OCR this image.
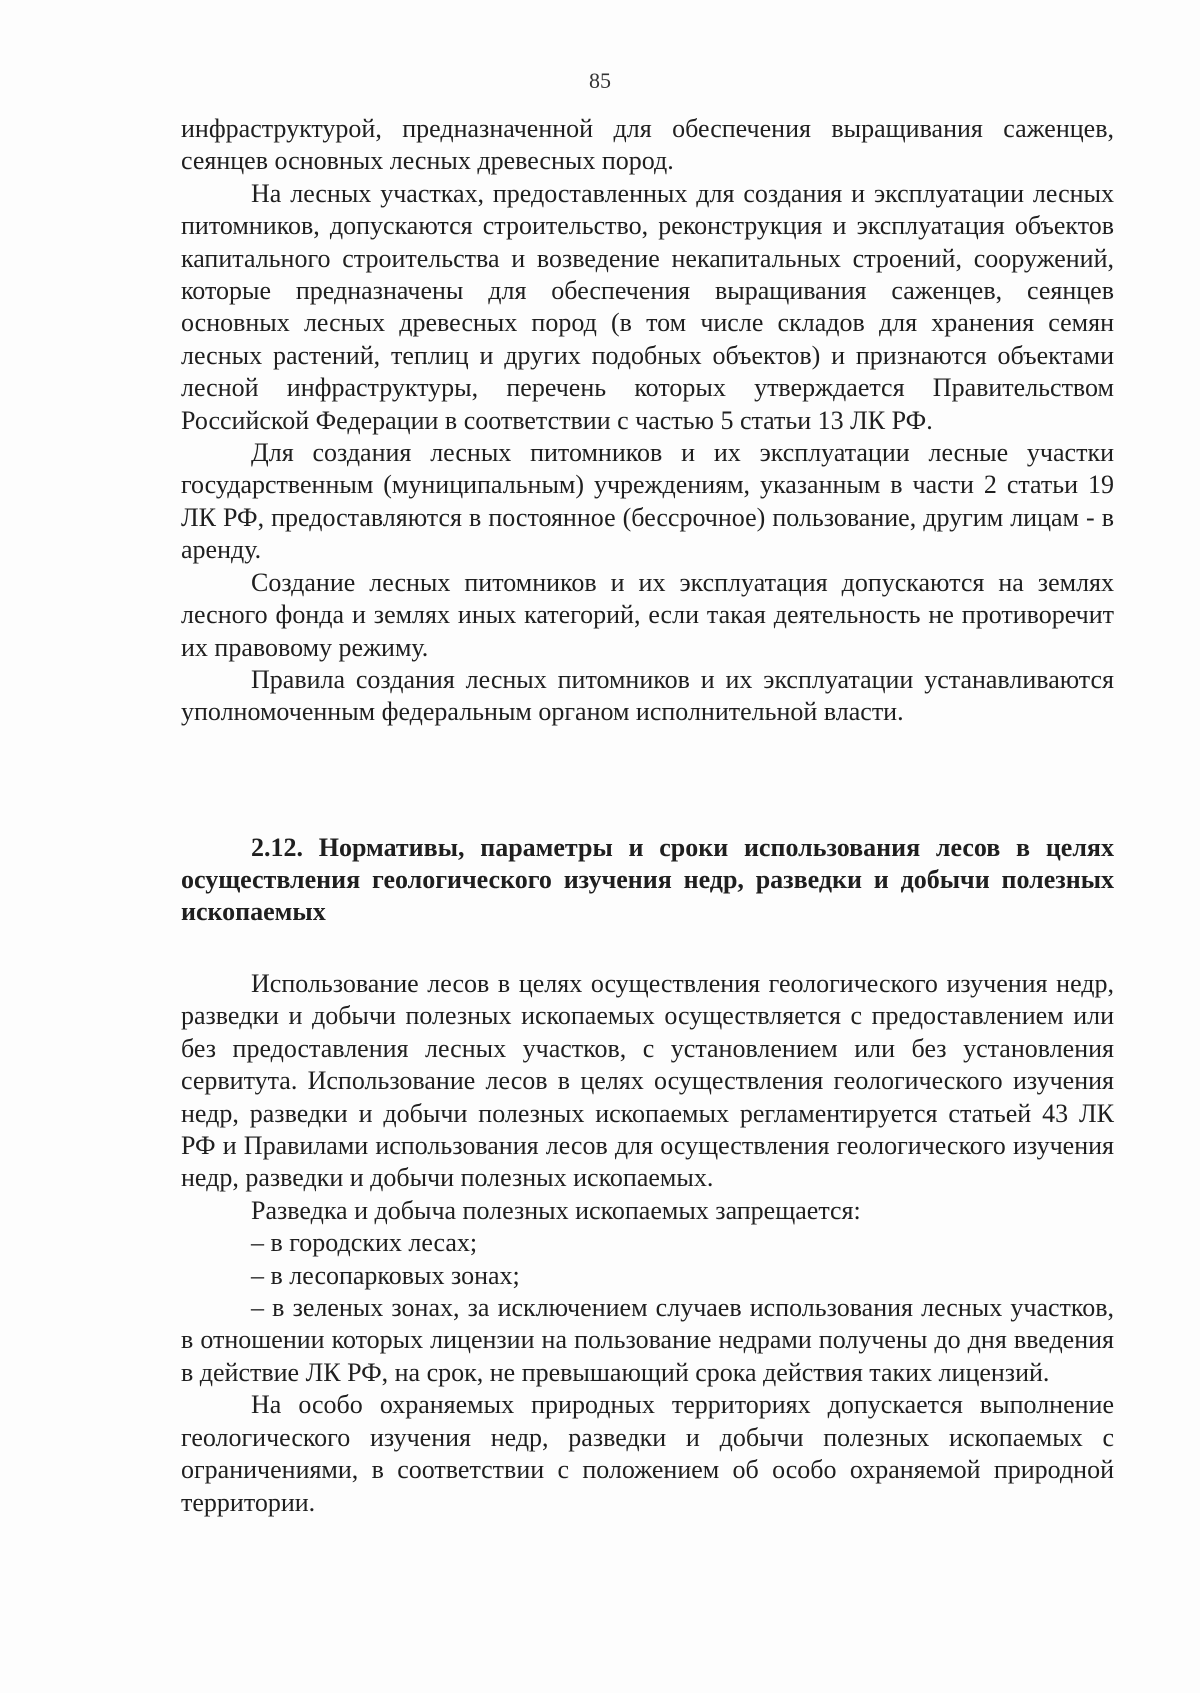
85

инфраструктурой, предназначенной для обеспечения выращивания саженцев, сеянцев основных лесных древесных пород.

На лесных участках, предоставленных для создания и эксплуатации лесных питомников, допускаются строительство, реконструкция и эксплуатация объектов капитального строительства и возведение некапитальных строений, сооружений, которые предназначены для обеспечения выращивания саженцев, сеянцев основных лесных древесных пород (в том числе складов для хранения семян лесных растений, теплиц и других подобных объектов) и признаются объектами лесной инфраструктуры, перечень которых утверждается Правительством Российской Федерации в соответствии с частью 5 статьи 13 ЛК РФ.

Для создания лесных питомников и их эксплуатации лесные участки государственным (муниципальным) учреждениям, указанным в части 2 статьи 19 ЛК РФ, предоставляются в постоянное (бессрочное) пользование, другим лицам - в аренду.

Создание лесных питомников и их эксплуатация допускаются на землях лесного фонда и землях иных категорий, если такая деятельность не противоречит их правовому режиму.

Правила создания лесных питомников и их эксплуатации устанавливаются уполномоченным федеральным органом исполнительной власти.

2.12. Нормативы, параметры и сроки использования лесов в целях осуществления геологического изучения недр, разведки и добычи полезных ископаемых

Использование лесов в целях осуществления геологического изучения недр, разведки и добычи полезных ископаемых осуществляется с предоставлением или без предоставления лесных участков, с установлением или без установления сервитута. Использование лесов в целях осуществления геологического изучения недр, разведки и добычи полезных ископаемых регламентируется статьей 43 ЛК РФ и Правилами использования лесов для осуществления геологического изучения недр, разведки и добычи полезных ископаемых.

Разведка и добыча полезных ископаемых запрещается:

– в городских лесах;

– в лесопарковых зонах;

– в зеленых зонах, за исключением случаев использования лесных участков, в отношении которых лицензии на пользование недрами получены до дня введения в действие ЛК РФ, на срок, не превышающий срока действия таких лицензий.

На особо охраняемых природных территориях допускается выполнение геологического изучения недр, разведки и добычи полезных ископаемых с ограничениями, в соответствии с положением об особо охраняемой природной территории.
